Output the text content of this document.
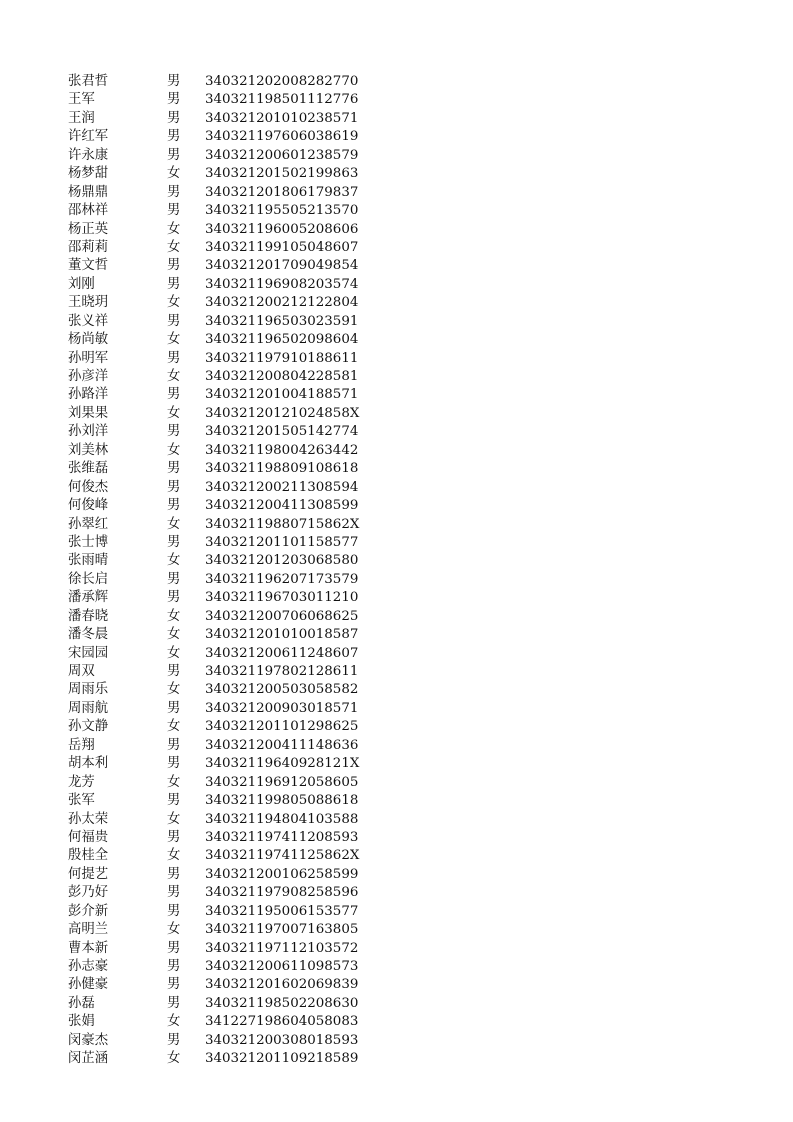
张君哲	男 340321202008282770
王军	男 340321198501112776
王润	男 340321201010238571
许红军	男 340321197606038619
许永康	男 340321200601238579
杨梦甜	女 340321201502199863
杨鼎鼎	男 340321201806179837
邵林祥	男 340321195505213570
杨正英	女 340321196005208606
邵莉莉	女 340321199105048607
董文哲	男 340321201709049854
刘刚	男 340321196908203574
王晓玥	女 340321200212122804
张义祥	男 340321196503023591
杨尚敏	女 340321196502098604
孙明军	男 340321197910188611
孙彦洋	女 340321200804228581
孙路洋	男 340321201004188571
刘果果	女 34032120121024858X
孙刘洋	男 340321201505142774
刘美林	女 340321198004263442
张维磊	男 340321198809108618
何俊杰	男 340321200211308594
何俊峰	男 340321200411308599
孙翠红	女 34032119880715862X
张士博	男 340321201101158577
张雨晴	女 340321201203068580
徐长启	男 340321196207173579
潘承辉	男 340321196703011210
潘春晓	女 340321200706068625
潘冬晨	女 340321201010018587
宋园园	女 340321200611248607
周双	男 340321197802128611
周雨乐	女 340321200503058582
周雨航	男 340321200903018571
孙文静	女 340321201101298625
岳翔	男 340321200411148636
胡本利	男 34032119640928121X
龙芳	女 340321196912058605
张军	男 340321199805088618
孙太荣	女 340321194804103588
何福贵	男 340321197411208593
殷桂全	女 34032119741125862X
何提艺	男 340321200106258599
彭乃好	男 340321197908258596
彭介新	男 340321195006153577
高明兰	女 340321197007163805
曹本新	男 340321197112103572
孙志豪	男 340321200611098573
孙健豪	男 340321201602069839
孙磊	男 340321198502208630
张娟	女 341227198604058083
闵豪杰	男 340321200308018593
闵芷涵	女 340321201109218589
